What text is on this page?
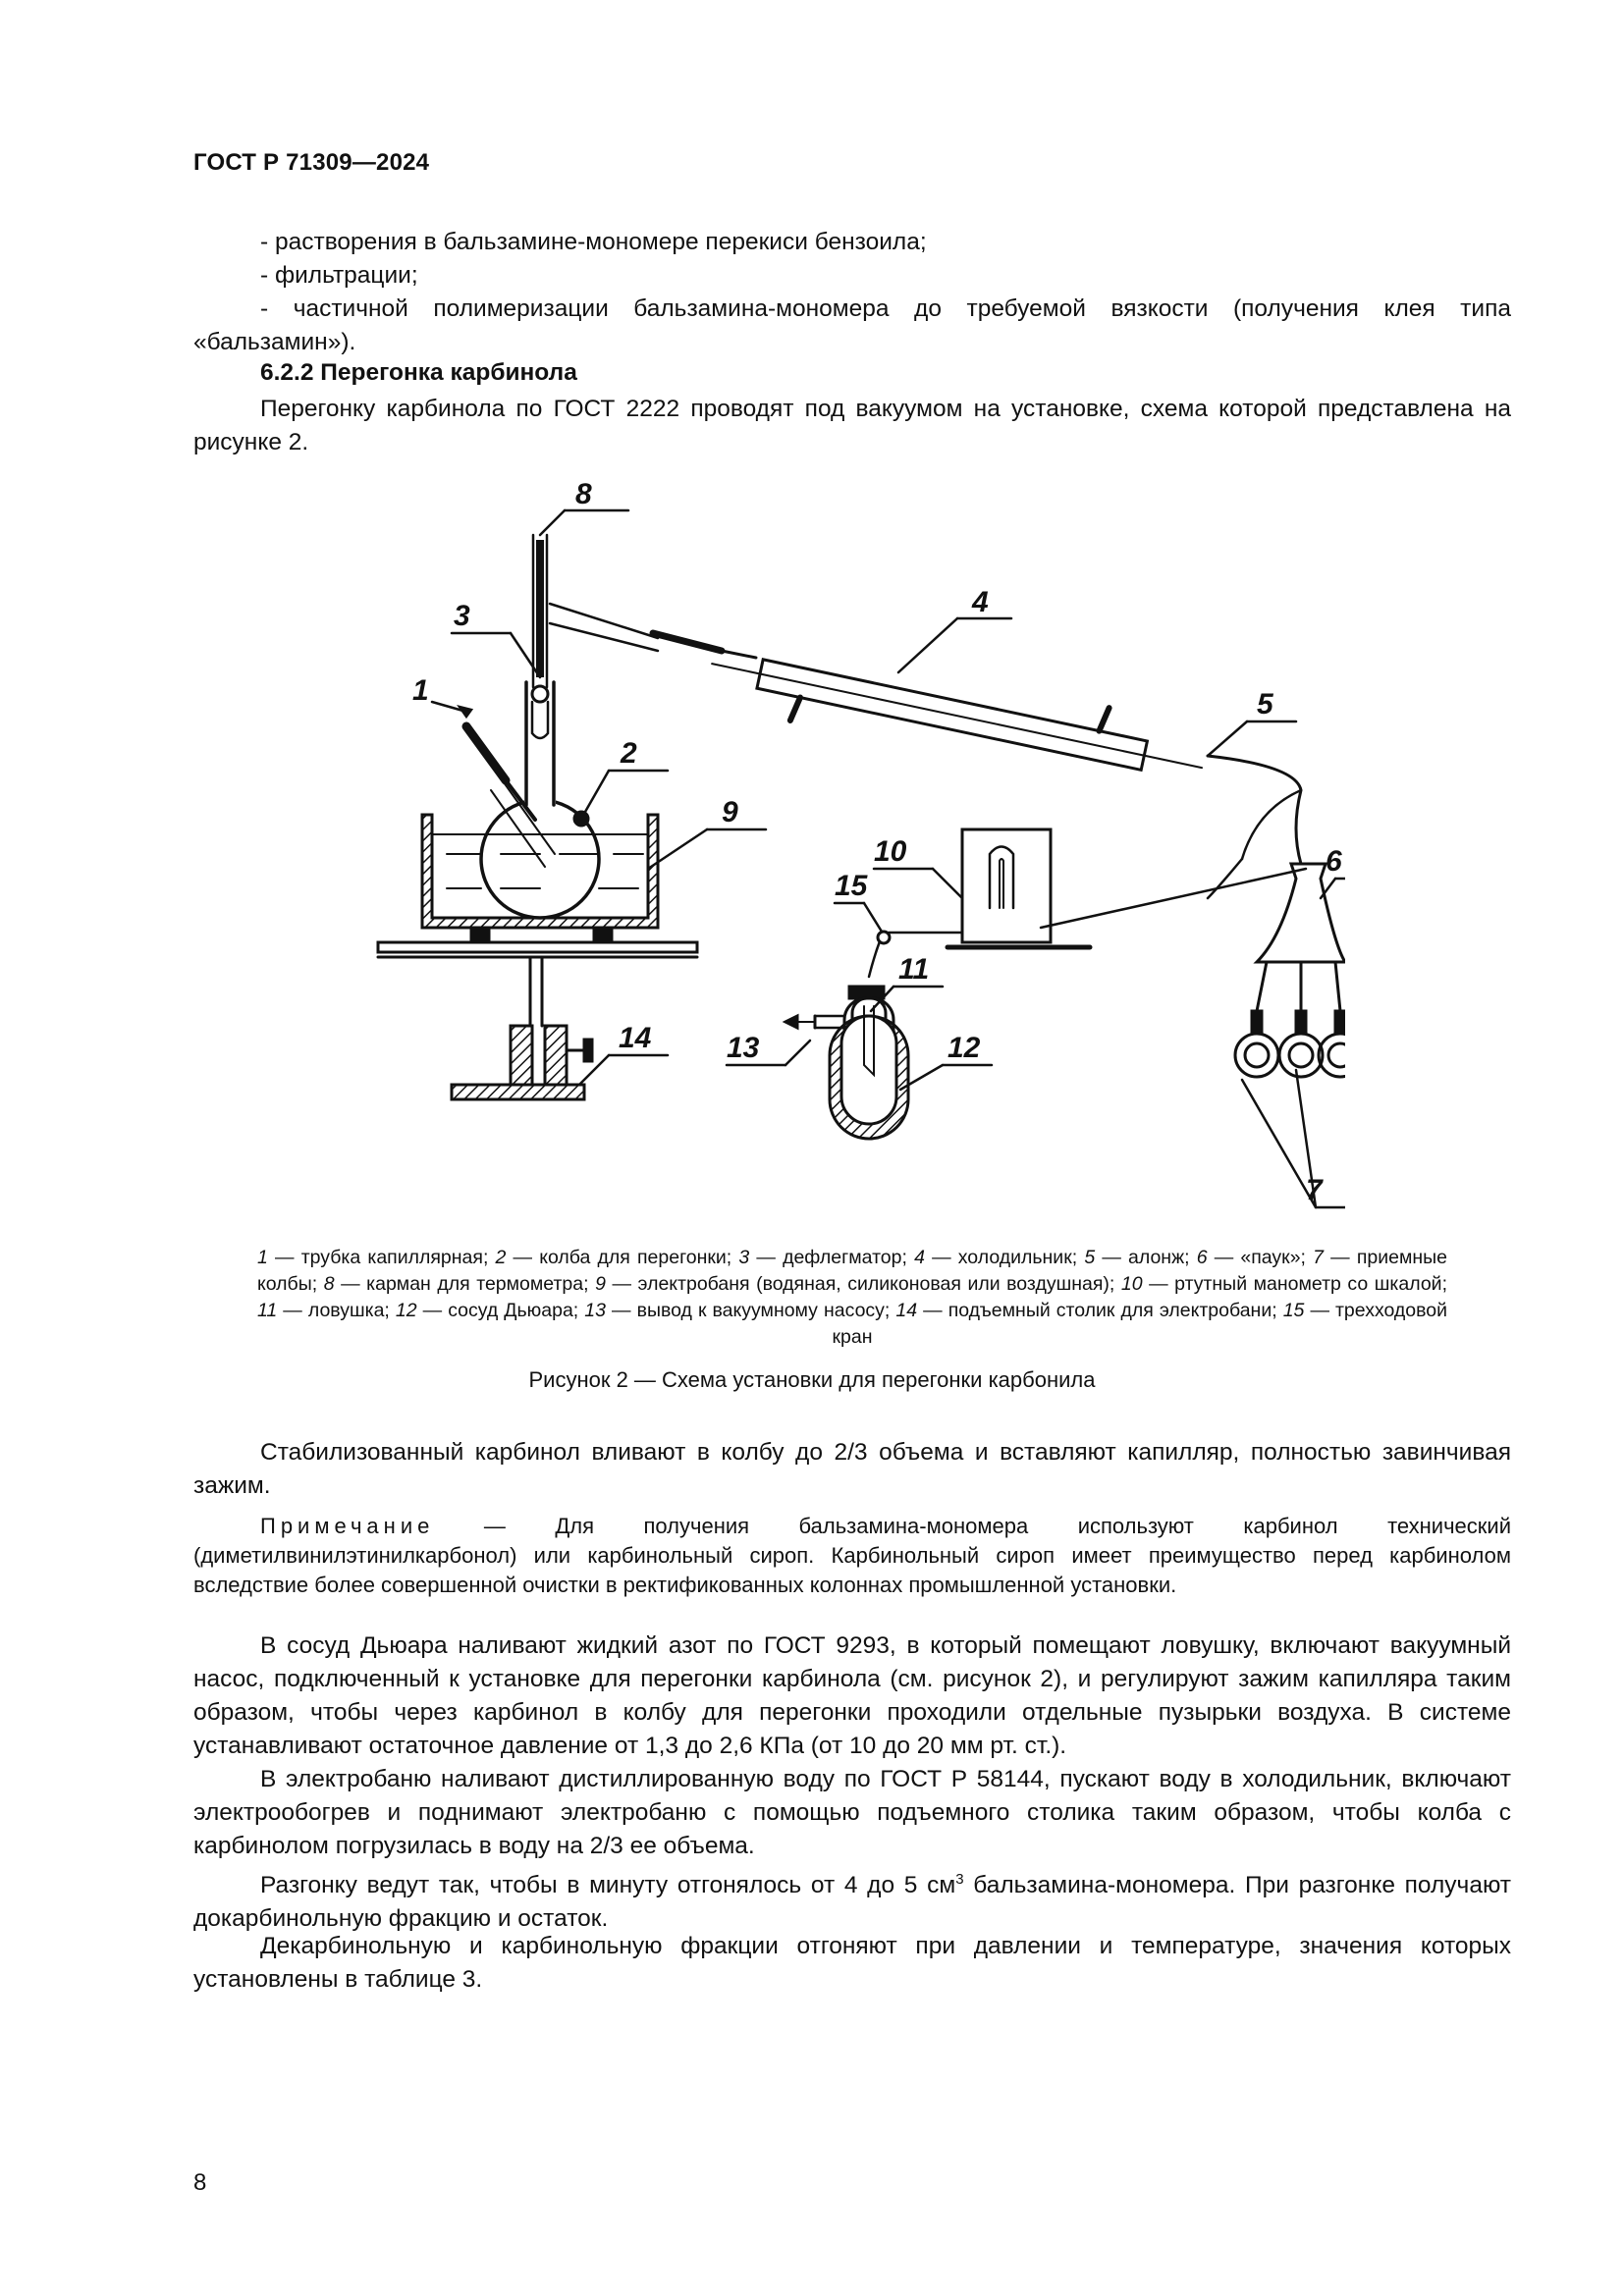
ГОСТ Р 71309—2024

- растворения в бальзамине-мономере перекиси бензоила;

- фильтрации;

- частичной полимеризации бальзамина-мономера до требуемой вязкости (получения клея типа «бальзамин»).

6.2.2 Перегонка карбинола
Перегонку карбинола по ГОСТ 2222 проводят под вакуумом на установке, схема которой представлена на рисунке 2.
8
3
1
2
9
4
5
6
7
10
15
11
12
13
14
1 — трубка капиллярная; 2 — колба для перегонки; 3 — дефлегматор; 4 — холодильник; 5 — алонж; 6 — «паук»; 7 — приемные колбы; 8 — карман для термометра; 9 — электробаня (водяная, силиконовая или воздушная); 10 — ртутный манометр со шкалой; 11 — ловушка; 12 — сосуд Дьюара; 13 — вывод к вакуумному насосу; 14 — подъемный столик для электробани; 15 — трехходовой кран
Рисунок 2 — Схема установки для перегонки карбонила
Стабилизованный карбинол вливают в колбу до 2/3 объема и вставляют капилляр, полностью завинчивая зажим.
Примечание — Для получения бальзамина-мономера используют карбинол технический (диметилвинилэтинилкарбонол) или карбинольный сироп. Карбинольный сироп имеет преимущество перед карбинолом вследствие более совершенной очистки в ректификованных колоннах промышленной установки.
В сосуд Дьюара наливают жидкий азот по ГОСТ 9293, в который помещают ловушку, включают вакуумный насос, подключенный к установке для перегонки карбинола (см. рисунок 2), и регулируют зажим капилляра таким образом, чтобы через карбинол в колбу для перегонки проходили отдельные пузырьки воздуха. В системе устанавливают остаточное давление от 1,3 до 2,6 КПа (от 10 до 20 мм рт. ст.).
В электробаню наливают дистиллированную воду по ГОСТ Р 58144, пускают воду в холодильник, включают электрообогрев и поднимают электробаню с помощью подъемного столика таким образом, чтобы колба с карбинолом погрузилась в воду на 2/3 ее объема.
Разгонку ведут так, чтобы в минуту отгонялось от 4 до 5 $см^3$ бальзамина-мономера. При разгонке получают докарбинольную фракцию и остаток.
Декарбинольную и карбинольную фракции отгоняют при давлении и температуре, значения которых установлены в таблице 3.
8
